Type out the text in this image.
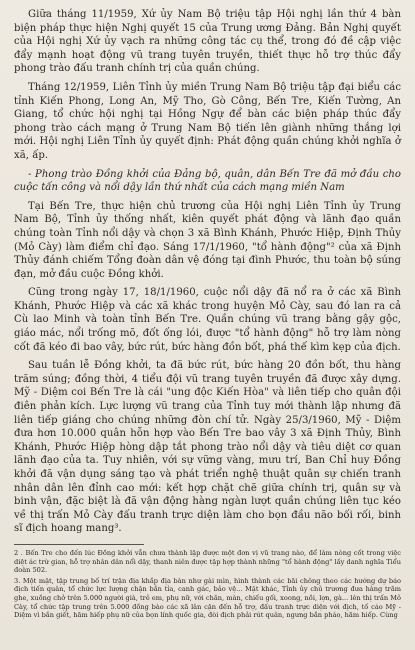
Giữa tháng 11/1959, Xứ ủy Nam Bộ triệu tập Hội nghị lần thứ 4 bàn biện pháp thực hiện Nghị quyết 15 của Trung ương Đảng. Bản Nghị quyết của Hội nghị Xứ ủy vạch ra những công tác cụ thể, trong đó đề cập việc đẩy mạnh hoạt động vũ trang tuyên truyền, thiết thực hỗ trợ thúc đẩy phong trào đấu tranh chính trị của quần chúng.

Tháng 12/1959, Liên Tỉnh ủy miền Trung Nam Bộ triệu tập đại biểu các tỉnh Kiến Phong, Long An, Mỹ Tho, Gò Công, Bến Tre, Kiến Tường, An Giang, tổ chức hội nghị tại Hồng Ngự để bàn các biện pháp thúc đẩy phong trào cách mạng ở Trung Nam Bộ tiến lên giành những thắng lợi mới. Hội nghị Liên Tỉnh ủy quyết định: Phát động quần chúng khởi nghĩa ở xã, ấp.

- Phong trào Đồng khởi của Đảng bộ, quân, dân Bến Tre đã mở đầu cho cuộc tấn công và nổi dậy lần thứ nhất của cách mạng miền Nam

Tại Bến Tre, thực hiện chủ trương của Hội nghị Liên Tỉnh ủy Trung Nam Bộ, Tỉnh ủy thống nhất, kiên quyết phát động và lãnh đạo quần chúng toàn Tỉnh nổi dậy và chọn 3 xã Bình Khánh, Phước Hiệp, Định Thủy (Mỏ Cày) làm điểm chỉ đạo. Sáng 17/1/1960, "tổ hành động"² của xã Định Thủy đánh chiếm Tổng đoàn dân vệ đóng tại đình Phước, thu toàn bộ súng đạn, mở đầu cuộc Đồng khởi.

Cũng trong ngày 17, 18/1/1960, cuộc nổi dậy đã nổ ra ở các xã Bình Khánh, Phước Hiệp và các xã khác trong huyện Mỏ Cày, sau đó lan ra cả Cù lao Minh và toàn tỉnh Bến Tre. Quần chúng vũ trang bằng gậy gộc, giáo mác, nổi trống mõ, đốt ống lói, được "tổ hành động" hỗ trợ làm nòng cốt đã kéo đi bao vây, bức rút, bức hàng đồn bốt, phá thế kìm kẹp của địch.

Sau tuần lễ Đồng khởi, ta đã bức rút, bức hàng 20 đồn bốt, thu hàng trăm súng; đồng thời, 4 tiểu đội vũ trang tuyên truyền đã được xây dựng. Mỹ - Diệm coi Bến Tre là cái "ung độc Kiến Hòa" và liên tiếp cho quân đội điên phản kích. Lực lượng vũ trang của Tỉnh tuy mới thành lập nhưng đã liên tiếp giáng cho chúng những đòn chí tử. Ngày 25/3/1960, Mỹ - Diệm đưa hơn 10.000 quân hỗn hợp vào Bến Tre bao vây 3 xã Định Thủy, Bình Khánh, Phước Hiệp hòng dập tắt phong trào nổi dậy và tiêu diệt cơ quan lãnh đạo của ta. Tuy nhiên, với sự vững vàng, mưu trí, Ban Chỉ huy Đồng khởi đã vận dụng sáng tạo và phát triển nghệ thuật quân sự chiến tranh nhân dân lên đỉnh cao mới: kết hợp chặt chẽ giữa chính trị, quân sự và binh vận, đặc biệt là đã vận động hàng ngàn lượt quần chúng liên tục kéo về thị trấn Mỏ Cày đấu tranh trực diện làm cho bọn đầu não bối rối, binh sĩ địch hoang mang³.

2 . Bến Tre cho đến lúc Đồng khởi vẫn chưa thành lập được một đơn vị vũ trang nào, để làm nòng cốt trong việc diệt ác trừ gian, hỗ trợ nhân dân nổi dậy, thanh niên được tập hợp thành những "tổ hành động" lấy danh nghĩa Tiểu đoàn 502.

3. Một mặt, tập trung bố trí trận địa khắp địa bàn như gài mìn, hình thành các bãi chông theo các hướng dự báo địch tiến quân, tổ chức lực lượng chặn bắn tỉa, canh gác, bảo vệ... Mặt khác, Tỉnh ủy chủ trương đưa hàng trăm ghe, xuồng chở trên 5.000 người già, trẻ em, phụ nữ, với chăn, màn, chiếu gối, xoong, nồi, lợn, gà... lên thị trấn Mỏ Cày, tổ chức tập trung trên 5.000 đồng bào các xã lân cận đến hỗ trợ, đấu tranh trực diện với địch, tố cáo Mỹ - Diệm vì bắn giết, hãm hiếp phụ nữ của bọn lính quốc gia, đòi địch phải rút quân, ngưng bắn pháo, hãm hiếp. Cùng
